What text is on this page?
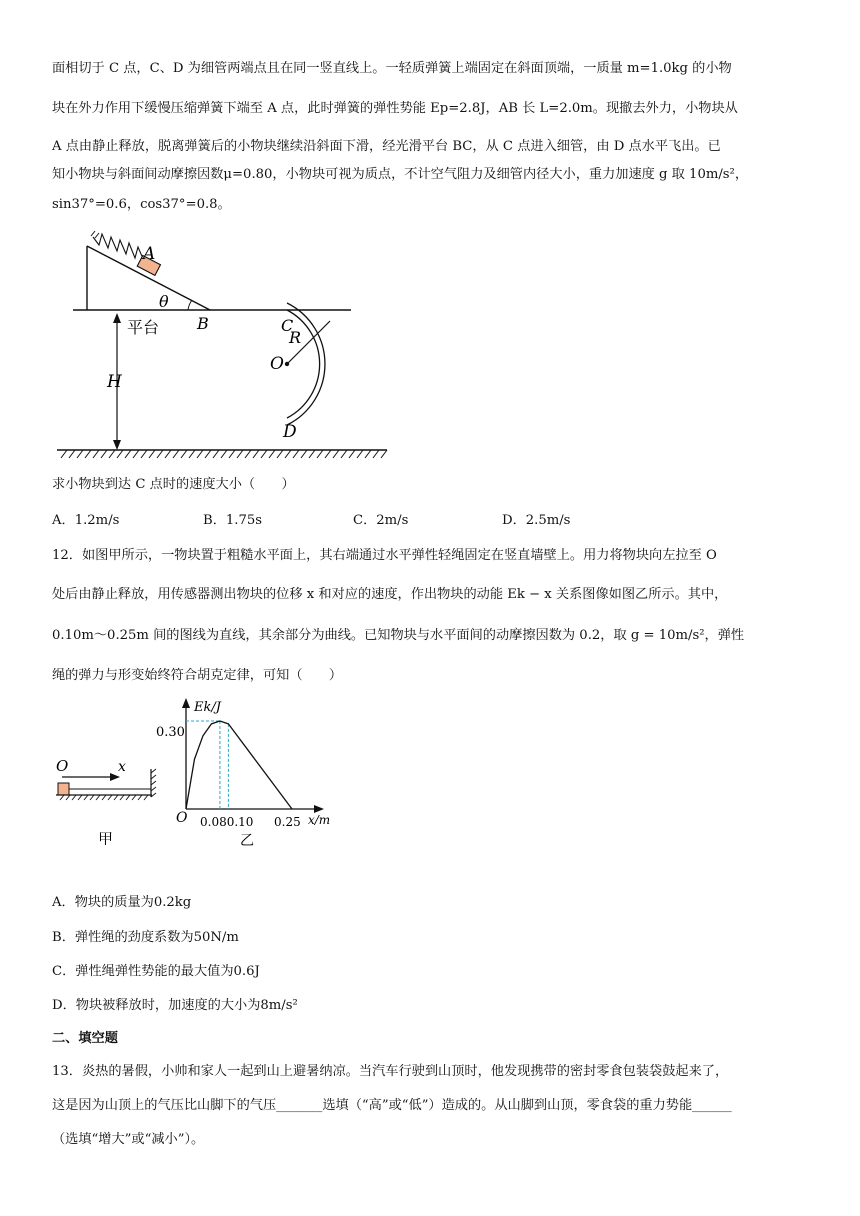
面相切于 C 点，C、D 为细管两端点且在同一竖直线上。一轻质弹簧上端固定在斜面顶端，一质量 m=1.0kg 的小物
块在外力作用下缓慢压缩弹簧下端至 A 点，此时弹簧的弹性势能 Ep=2.8J，AB 长 L=2.0m。现撤去外力，小物块从
A 点由静止释放，脱离弹簧后的小物块继续沿斜面下滑，经光滑平台 BC，从 C 点进入细管，由 D 点水平飞出。已
知小物块与斜面间动摩擦因数μ=0.80，小物块可视为质点，不计空气阻力及细管内径大小，重力加速度 g 取 10m/s²，
sin37°=0.6，cos37°=0.8。
A
θ
平台 B	C
H
R
O
D
求小物块到达 C 点时的速度大小（　　）
A．1.2m/s	B．1.75s	C．2m/s	D．2.5m/s
12．如图甲所示，一物块置于粗糙水平面上，其右端通过水平弹性轻绳固定在竖直墙壁上。用力将物块向左拉至 O
处后由静止释放，用传感器测出物块的位移 x 和对应的速度，作出物块的动能 Ek − x 关系图像如图乙所示。其中，
0.10m～0.25m 间的图线为直线，其余部分为曲线。已知物块与水平面间的动摩擦因数为 0.2，取 g = 10m/s²，弹性
绳的弹力与形变始终符合胡克定律，可知（　　）
O	x
甲
Ek/J
0.30
O 0.080.10 0.25 x/m
乙
A．物块的质量为0.2kg
B．弹性绳的劲度系数为50N/m
C．弹性绳弹性势能的最大值为0.6J
D．物块被释放时，加速度的大小为8m/s²
二、填空题
13．炎热的暑假，小帅和家人一起到山上避暑纳凉。当汽车行驶到山顶时，他发现携带的密封零食包装袋鼓起来了，
这是因为山顶上的气压比山脚下的气压_______选填（“高”或“低”）造成的。从山脚到山顶，零食袋的重力势能______
（选填“增大”或“减小”）。
